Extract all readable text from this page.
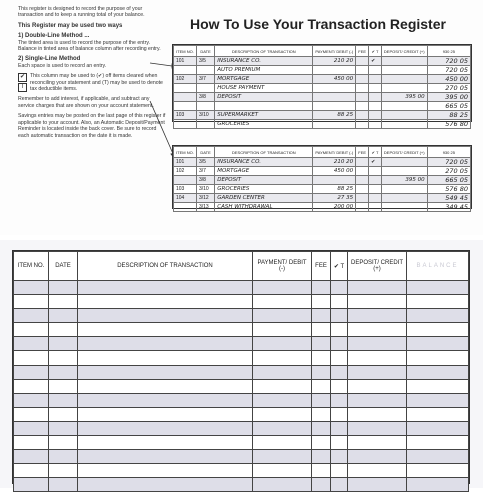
This register is designed to record the purpose of your transaction and to keep a running total of your balance.

This Register may be used two ways

1) Double-Line Method ...

The tinted area is used to record the purpose of the entry. Balance in tinted area of balance column after recording entry.

2) Single-Line Method

Each space is used to record an entry.

✔
T
This column may be used to (✔) off items cleared when reconciling your statement and (T) may be used to denote tax deductible items.

Remember to add interest, if applicable, and subtract any service charges that are shown on your account statement.

Savings entries may be posted on the last page of this register if applicable to your account. Also, an Automatic Deposit/Payment Reminder is located inside the back cover. Be sure to record each automatic transaction on the date it is made.

How To Use Your Transaction Register
ITEM NO.	DATE	DESCRIPTION OF TRANSACTION	PAYMENT/ DEBIT (-)	FEE	✔ T	DEPOSIT/ CREDIT (+)	930 25
101	3/5	INSURANCE CO.	210 20		✔		720 05
		AUTO PREMIUM					720 05
102	3/7	MORTGAGE	450 00				450 00
		HOUSE PAYMENT					270 05
	3/8	DEPOSIT				395 00	395 00
							665 05
103	3/10	SUPERMARKET	88 25				88 25
		GROCERIES					576 80
ITEM NO.	DATE	DESCRIPTION OF TRANSACTION	PAYMENT/ DEBIT (-)	FEE	✔ T	DEPOSIT/ CREDIT (+)	930 25
101	3/5	INSURANCE CO.	210 20		✔		720 05
102	3/7	MORTGAGE	450 00				270 05
	3/8	DEPOSIT				395 00	665 05
103	3/10	GROCERIES	88 25				576 80
104	3/12	GARDEN CENTER	27 35				549 45
	3/13	CASH WITHDRAWAL	200 00				349 45
ITEM NO.	DATE	DESCRIPTION OF TRANSACTION	PAYMENT/ DEBIT (-)	FEE	✔ T	DEPOSIT/ CREDIT (+)	BALANCE
